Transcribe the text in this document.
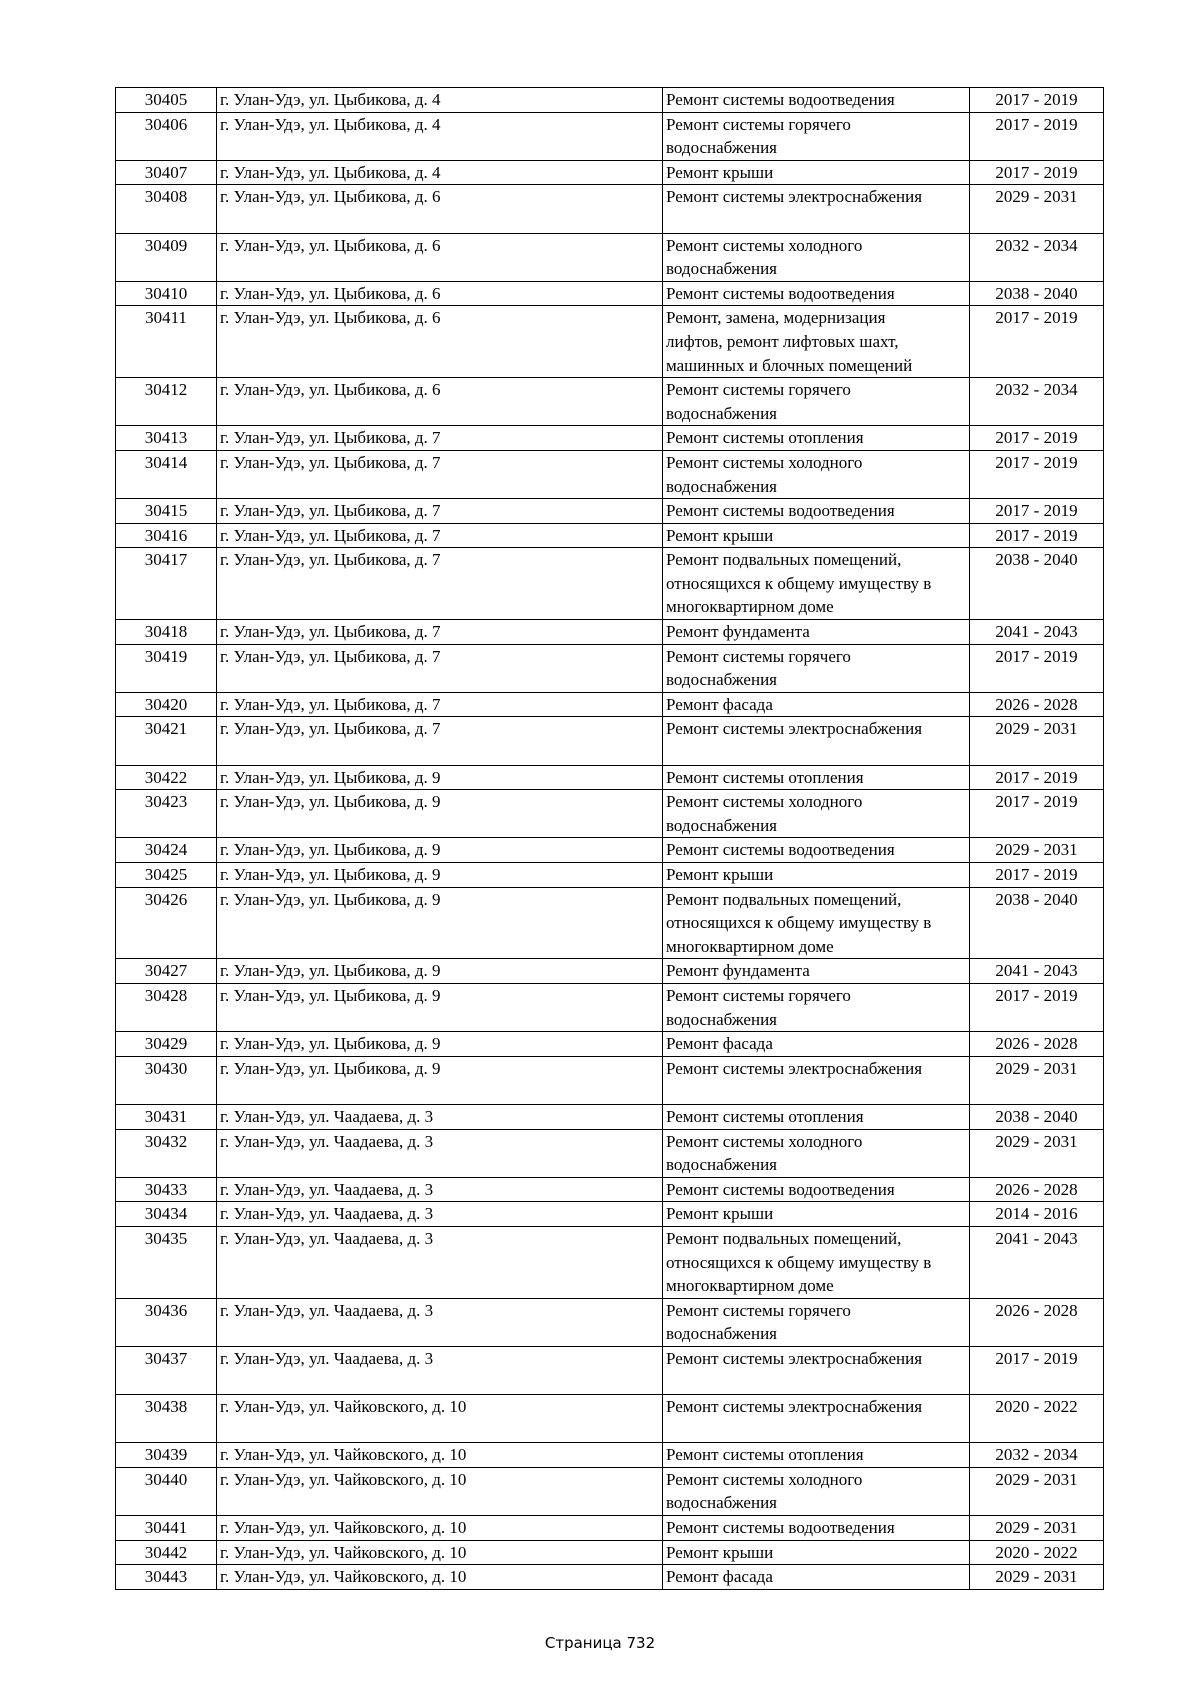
30405	г. Улан-Удэ, ул. Цыбикова, д. 4	Ремонт системы водоотведения	2017 - 2019
30406	г. Улан-Удэ, ул. Цыбикова, д. 4	Ремонт системы горячего
водоснабжения	2017 - 2019
30407	г. Улан-Удэ, ул. Цыбикова, д. 4	Ремонт крыши	2017 - 2019
30408	г. Улан-Удэ, ул. Цыбикова, д. 6	Ремонт системы электроснабжения	2029 - 2031
30409	г. Улан-Удэ, ул. Цыбикова, д. 6	Ремонт системы холодного
водоснабжения	2032 - 2034
30410	г. Улан-Удэ, ул. Цыбикова, д. 6	Ремонт системы водоотведения	2038 - 2040
30411	г. Улан-Удэ, ул. Цыбикова, д. 6	Ремонт, замена, модернизация
лифтов, ремонт лифтовых шахт,
машинных и блочных помещений	2017 - 2019
30412	г. Улан-Удэ, ул. Цыбикова, д. 6	Ремонт системы горячего
водоснабжения	2032 - 2034
30413	г. Улан-Удэ, ул. Цыбикова, д. 7	Ремонт системы отопления	2017 - 2019
30414	г. Улан-Удэ, ул. Цыбикова, д. 7	Ремонт системы холодного
водоснабжения	2017 - 2019
30415	г. Улан-Удэ, ул. Цыбикова, д. 7	Ремонт системы водоотведения	2017 - 2019
30416	г. Улан-Удэ, ул. Цыбикова, д. 7	Ремонт крыши	2017 - 2019
30417	г. Улан-Удэ, ул. Цыбикова, д. 7	Ремонт подвальных помещений,
относящихся к общему имуществу в
многоквартирном доме	2038 - 2040
30418	г. Улан-Удэ, ул. Цыбикова, д. 7	Ремонт фундамента	2041 - 2043
30419	г. Улан-Удэ, ул. Цыбикова, д. 7	Ремонт системы горячего
водоснабжения	2017 - 2019
30420	г. Улан-Удэ, ул. Цыбикова, д. 7	Ремонт фасада	2026 - 2028
30421	г. Улан-Удэ, ул. Цыбикова, д. 7	Ремонт системы электроснабжения	2029 - 2031
30422	г. Улан-Удэ, ул. Цыбикова, д. 9	Ремонт системы отопления	2017 - 2019
30423	г. Улан-Удэ, ул. Цыбикова, д. 9	Ремонт системы холодного
водоснабжения	2017 - 2019
30424	г. Улан-Удэ, ул. Цыбикова, д. 9	Ремонт системы водоотведения	2029 - 2031
30425	г. Улан-Удэ, ул. Цыбикова, д. 9	Ремонт крыши	2017 - 2019
30426	г. Улан-Удэ, ул. Цыбикова, д. 9	Ремонт подвальных помещений,
относящихся к общему имуществу в
многоквартирном доме	2038 - 2040
30427	г. Улан-Удэ, ул. Цыбикова, д. 9	Ремонт фундамента	2041 - 2043
30428	г. Улан-Удэ, ул. Цыбикова, д. 9	Ремонт системы горячего
водоснабжения	2017 - 2019
30429	г. Улан-Удэ, ул. Цыбикова, д. 9	Ремонт фасада	2026 - 2028
30430	г. Улан-Удэ, ул. Цыбикова, д. 9	Ремонт системы электроснабжения	2029 - 2031
30431	г. Улан-Удэ, ул. Чаадаева, д. 3	Ремонт системы отопления	2038 - 2040
30432	г. Улан-Удэ, ул. Чаадаева, д. 3	Ремонт системы холодного
водоснабжения	2029 - 2031
30433	г. Улан-Удэ, ул. Чаадаева, д. 3	Ремонт системы водоотведения	2026 - 2028
30434	г. Улан-Удэ, ул. Чаадаева, д. 3	Ремонт крыши	2014 - 2016
30435	г. Улан-Удэ, ул. Чаадаева, д. 3	Ремонт подвальных помещений,
относящихся к общему имуществу в
многоквартирном доме	2041 - 2043
30436	г. Улан-Удэ, ул. Чаадаева, д. 3	Ремонт системы горячего
водоснабжения	2026 - 2028
30437	г. Улан-Удэ, ул. Чаадаева, д. 3	Ремонт системы электроснабжения	2017 - 2019
30438	г. Улан-Удэ, ул. Чайковского, д. 10	Ремонт системы электроснабжения	2020 - 2022
30439	г. Улан-Удэ, ул. Чайковского, д. 10	Ремонт системы отопления	2032 - 2034
30440	г. Улан-Удэ, ул. Чайковского, д. 10	Ремонт системы холодного
водоснабжения	2029 - 2031
30441	г. Улан-Удэ, ул. Чайковского, д. 10	Ремонт системы водоотведения	2029 - 2031
30442	г. Улан-Удэ, ул. Чайковского, д. 10	Ремонт крыши	2020 - 2022
30443	г. Улан-Удэ, ул. Чайковского, д. 10	Ремонт фасада	2029 - 2031
Страница 732
